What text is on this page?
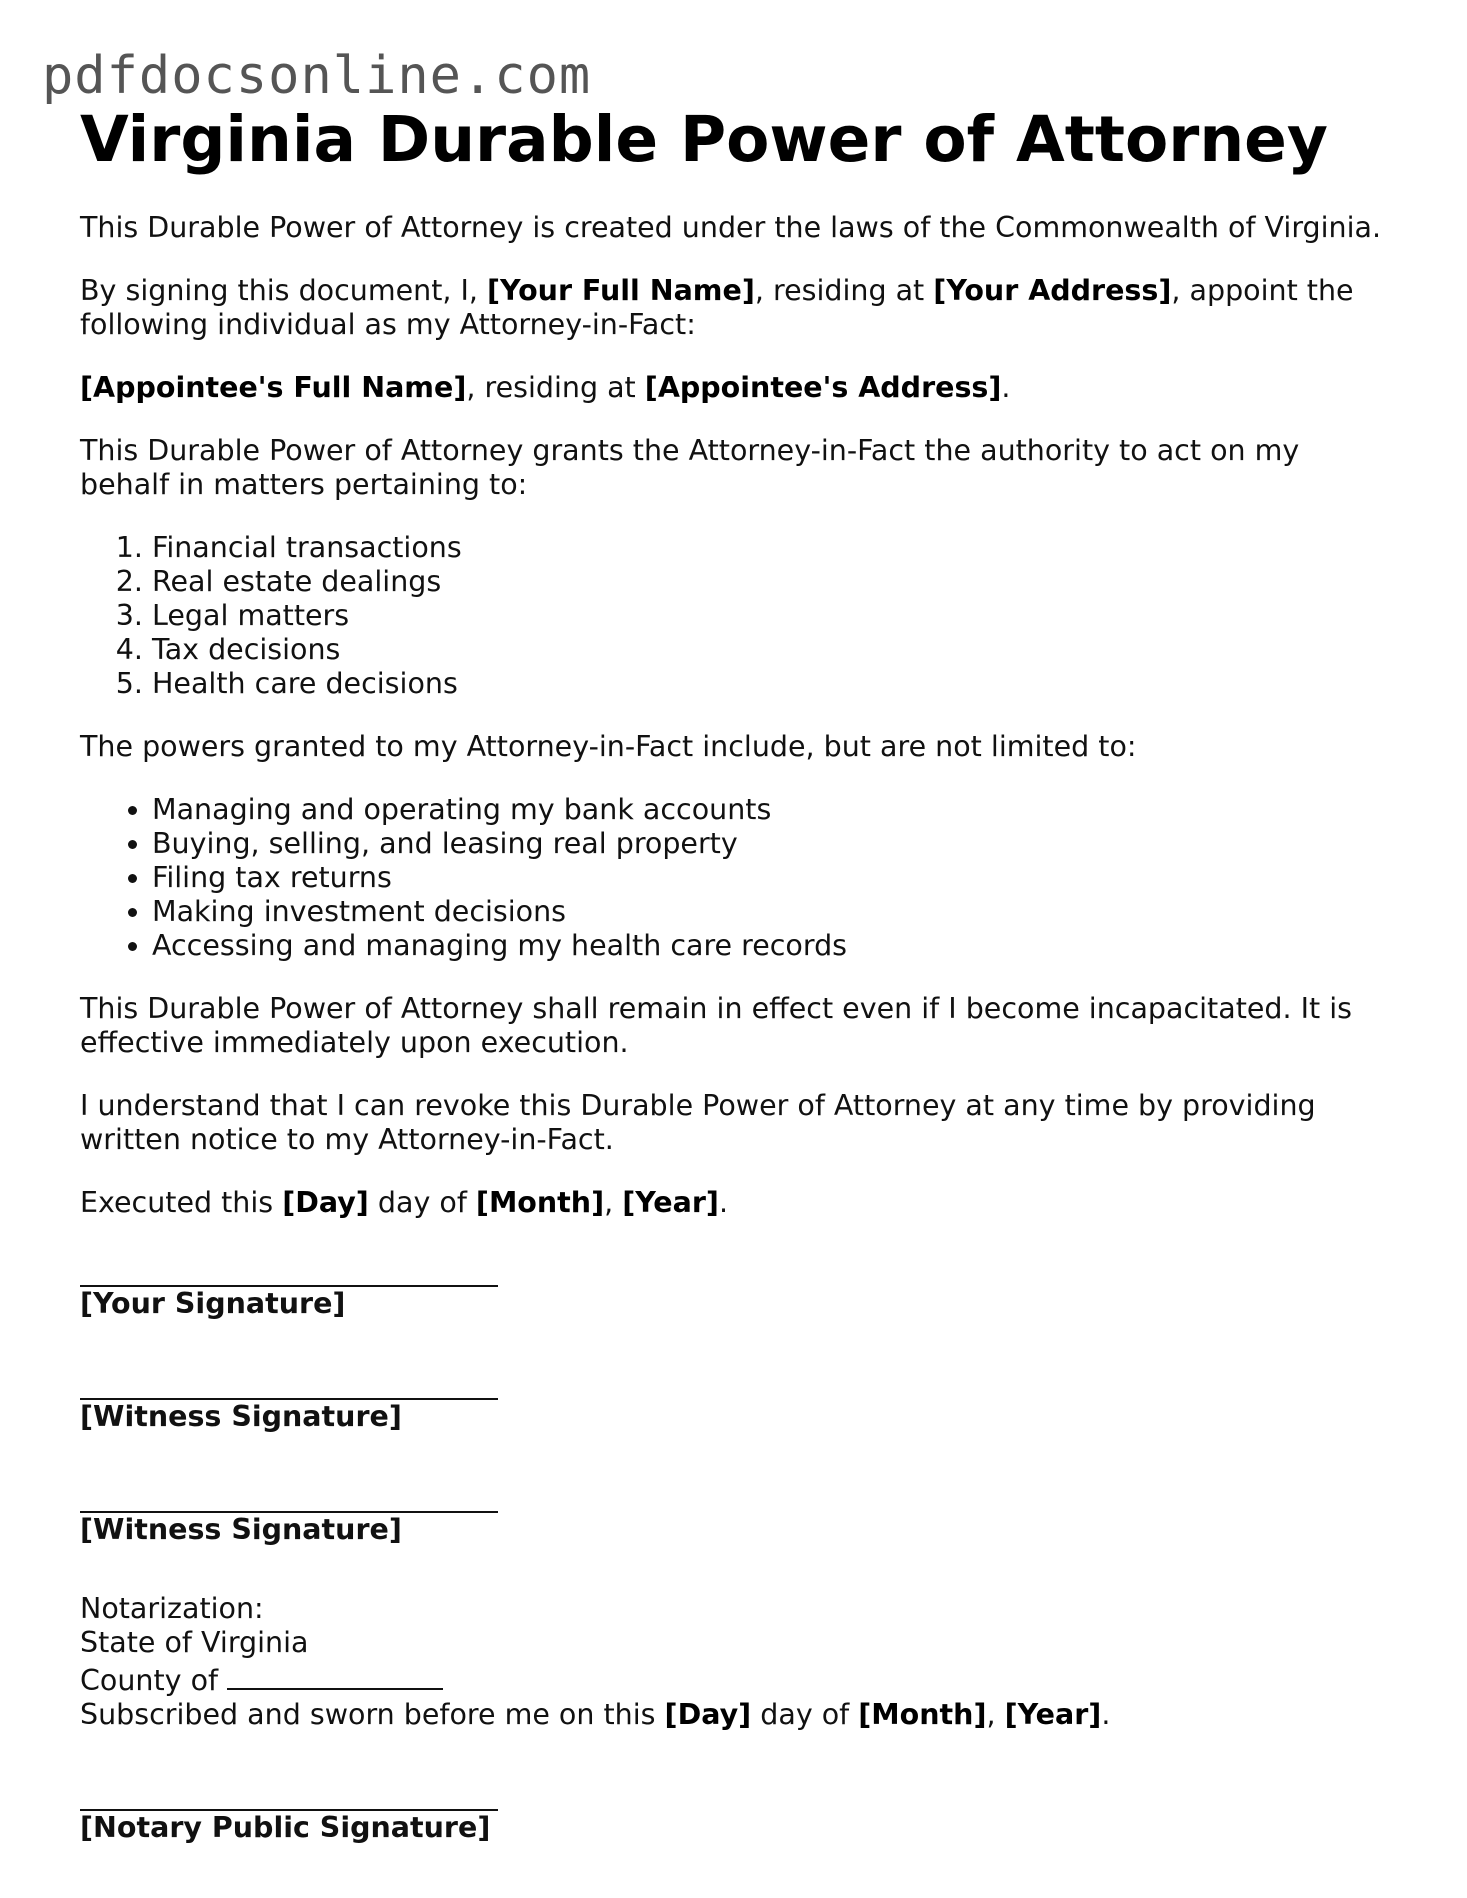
pdfdocsonline.com
Virginia Durable Power of Attorney

This Durable Power of Attorney is created under the laws of the Commonwealth of Virginia.

By signing this document, I, [Your Full Name], residing at [Your Address], appoint the following individual as my Attorney-in-Fact:

[Appointee's Full Name], residing at [Appointee's Address].

This Durable Power of Attorney grants the Attorney-in-Fact the authority to act on my behalf in matters pertaining to:

1. Financial transactions
2. Real estate dealings
3. Legal matters
4. Tax decisions
5. Health care decisions

The powers granted to my Attorney-in-Fact include, but are not limited to:

• Managing and operating my bank accounts
• Buying, selling, and leasing real property
• Filing tax returns
• Making investment decisions
• Accessing and managing my health care records

This Durable Power of Attorney shall remain in effect even if I become incapacitated. It is effective immediately upon execution.

I understand that I can revoke this Durable Power of Attorney at any time by providing written notice to my Attorney-in-Fact.

Executed this [Day] day of [Month], [Year].

[Your Signature]
[Witness Signature]
[Witness Signature]
Notarization:
State of Virginia
County of
Subscribed and sworn before me on this [Day] day of [Month], [Year].
[Notary Public Signature]
